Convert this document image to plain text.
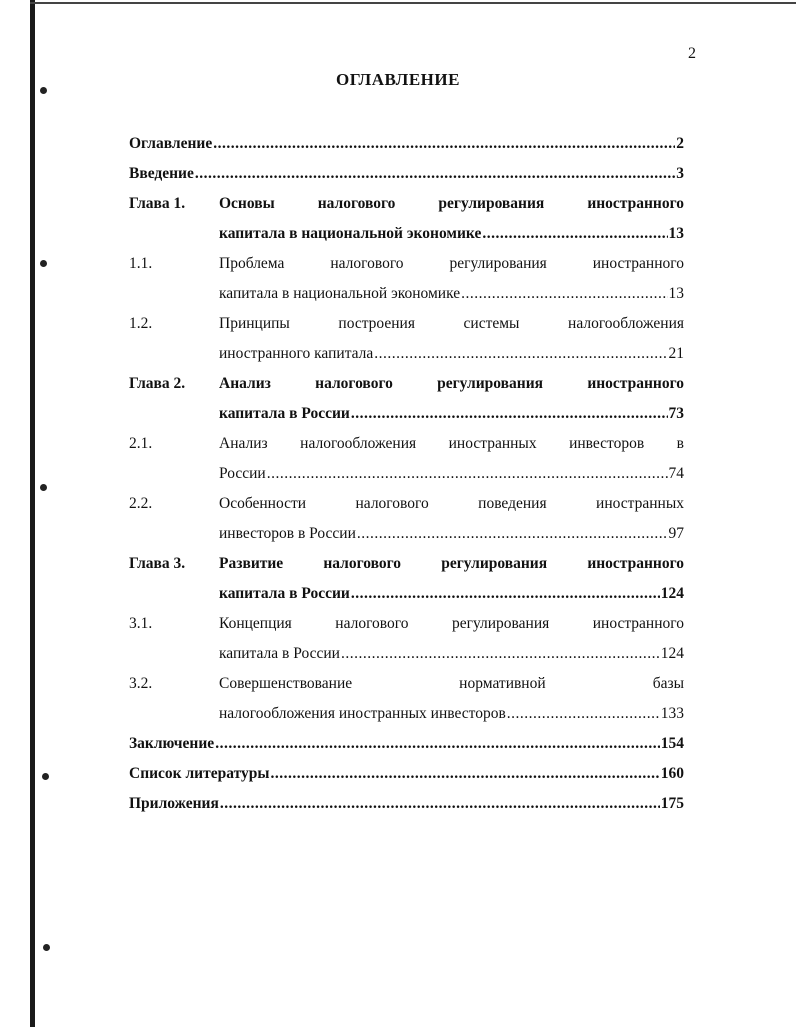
2
ОГЛАВЛЕНИЕ
Оглавление .....	2
Введение .....	3
Глава 1.	Основы налогового регулирования иностранного
капитала в национальной экономике .....	13
1.1.	Проблема налогового регулирования иностранного
капитала в национальной экономике .....	13
1.2.	Принципы построения системы налогообложения
иностранного капитала .....	21
Глава 2.	Анализ налогового регулирования иностранного
капитала в России .....	73
2.1.	Анализ налогообложения иностранных инвесторов в
России .....	74
2.2.	Особенности налогового поведения иностранных
инвесторов в России .....	97
Глава 3.	Развитие налогового регулирования иностранного
капитала в России .....	124
3.1.	Концепция налогового регулирования иностранного
капитала в России .....	124
3.2.	Совершенствование нормативной базы
налогообложения иностранных инвесторов .....	133
Заключение .....	154
Список литературы .....	160
Приложения .....	175
